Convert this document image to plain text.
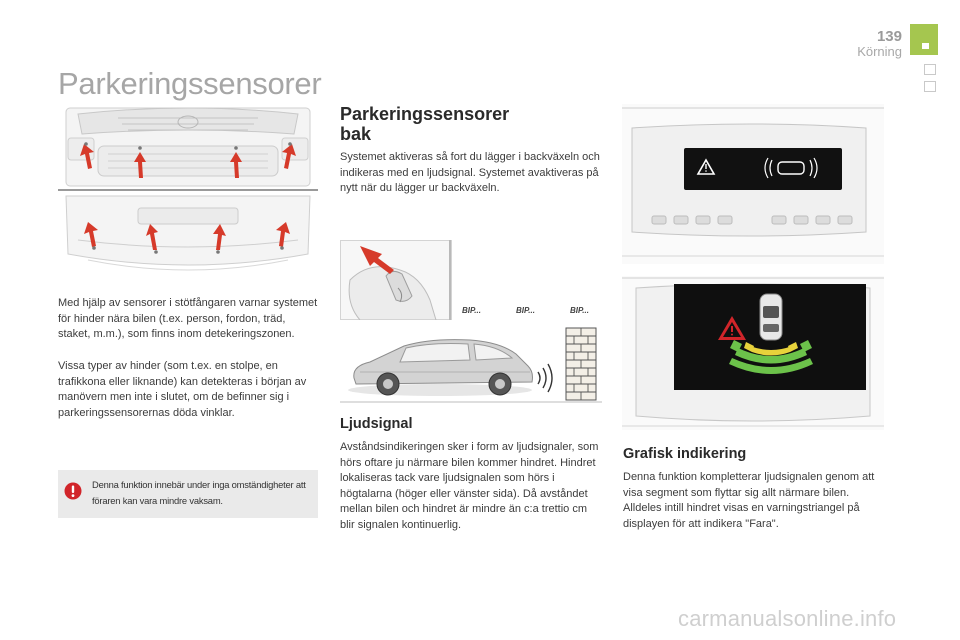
139
Körning
Parkeringssensorer
Med hjälp av sensorer i stötfångaren varnar systemet för hinder nära bilen (t.ex. person, fordon, träd, staket, m.m.), som finns inom detekeringszonen.
Vissa typer av hinder (som t.ex. en stolpe, en trafikkona eller liknande) kan detekteras i början av manövern men inte i slutet, om de befinner sig i parkeringssensorernas döda vinklar.
Denna funktion innebär under inga omständigheter att föraren kan vara mindre vaksam.
Parkeringssensorer
bak
Systemet aktiveras så fort du lägger i backväxeln och indikeras med en ljudsignal. Systemet avaktiveras på nytt när du lägger ur backväxeln.
BIP...	BIP...	BIP...
Ljudsignal
Avståndsindikeringen sker i form av ljudsignaler, som hörs oftare ju närmare bilen kommer hindret. Hindret lokaliseras tack vare ljudsignalen som hörs i högtalarna (höger eller vänster sida). Då avståndet mellan bilen och hindret är mindre än c:a trettio cm blir signalen kontinuerlig.
Grafisk indikering
Denna funktion kompletterar ljudsignalen genom att visa segment som flyttar sig allt närmare bilen. Alldeles intill hindret visas en varningstriangel på displayen för att indikera "Fara".
carmanualsonline.info
